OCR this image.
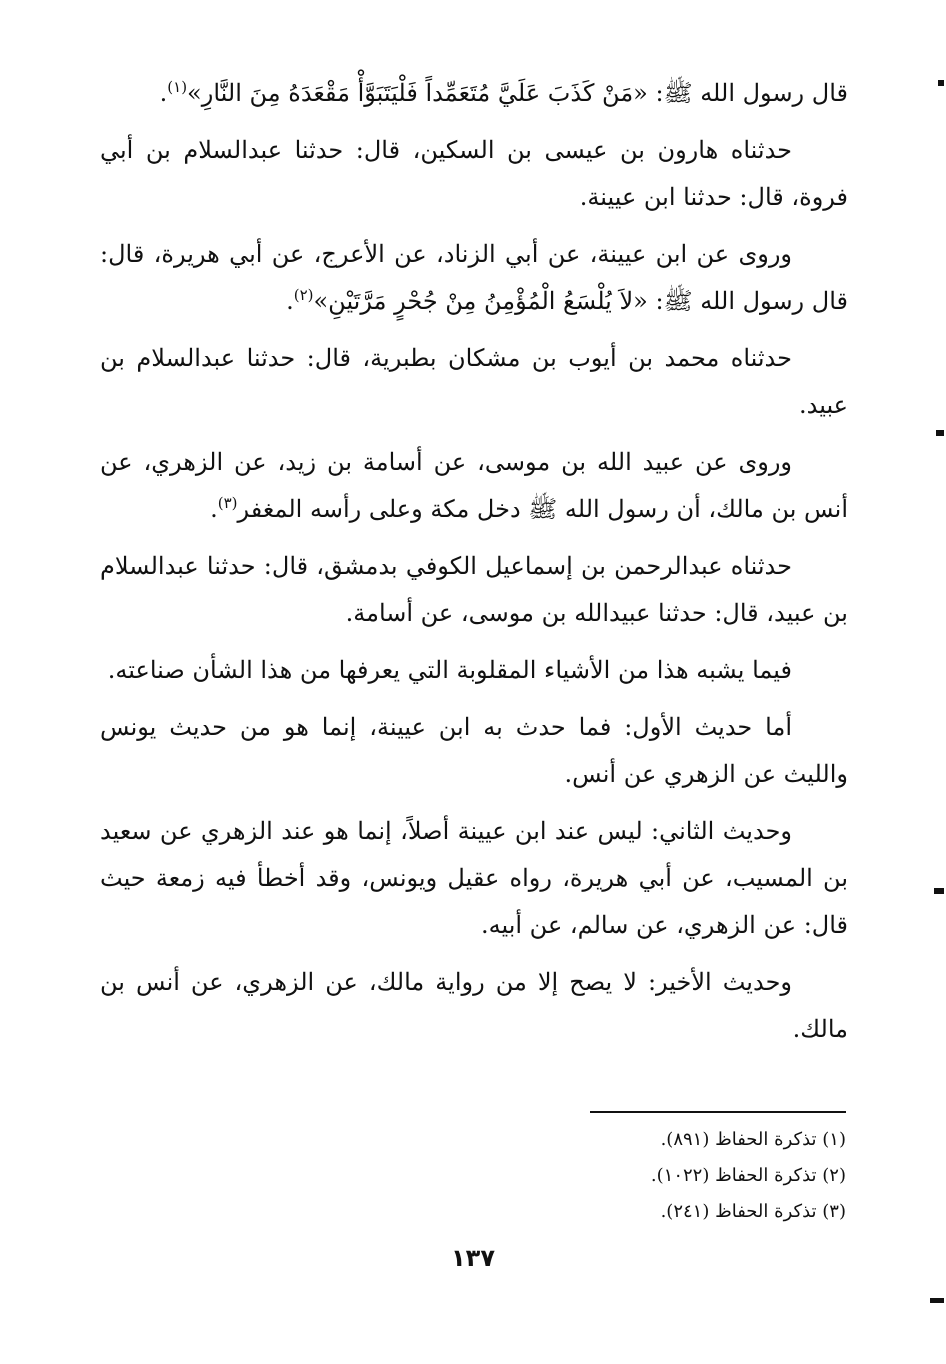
قال رسول الله ﷺ: «مَنْ كَذَبَ عَلَيَّ مُتَعَمِّداً فَلْيَتَبَوَّأْ مَقْعَدَهُ مِنَ النَّارِ»$^{(١)}$.

حدثناه هارون بن عيسى بن السكين، قال: حدثنا عبدالسلام بن أبي فروة، قال: حدثنا ابن عيينة.

وروى عن ابن عيينة، عن أبي الزناد، عن الأعرج، عن أبي هريرة، قال: قال رسول الله ﷺ: «لاَ يُلْسَعُ الْمُؤْمِنُ مِنْ جُحْرٍ مَرَّتَيْنِ»$^{(٢)}$.

حدثناه محمد بن أيوب بن مشكان بطبرية، قال: حدثنا عبدالسلام بن عبيد.

وروى عن عبيد الله بن موسى، عن أسامة بن زيد، عن الزهري، عن أنس بن مالك، أن رسول الله ﷺ دخل مكة وعلى رأسه المغفر$^{(٣)}$.

حدثناه عبدالرحمن بن إسماعيل الكوفي بدمشق، قال: حدثنا عبدالسلام بن عبيد، قال: حدثنا عبيدالله بن موسى، عن أسامة.

فيما يشبه هذا من الأشياء المقلوبة التي يعرفها من هذا الشأن صناعته.

أما حديث الأول: فما حدث به ابن عيينة، إنما هو من حديث يونس والليث عن الزهري عن أنس.

وحديث الثاني: ليس عند ابن عيينة أصلاً، إنما هو عند الزهري عن سعيد بن المسيب، عن أبي هريرة، رواه عقيل ويونس، وقد أخطأ فيه زمعة حيث قال: عن الزهري، عن سالم، عن أبيه.

وحديث الأخير: لا يصح إلا من رواية مالك، عن الزهري، عن أنس بن مالك.

(١) تذكرة الحفاظ (٨٩١).
(٢) تذكرة الحفاظ (١٠٢٢).
(٣) تذكرة الحفاظ (٢٤١).
١٣٧
